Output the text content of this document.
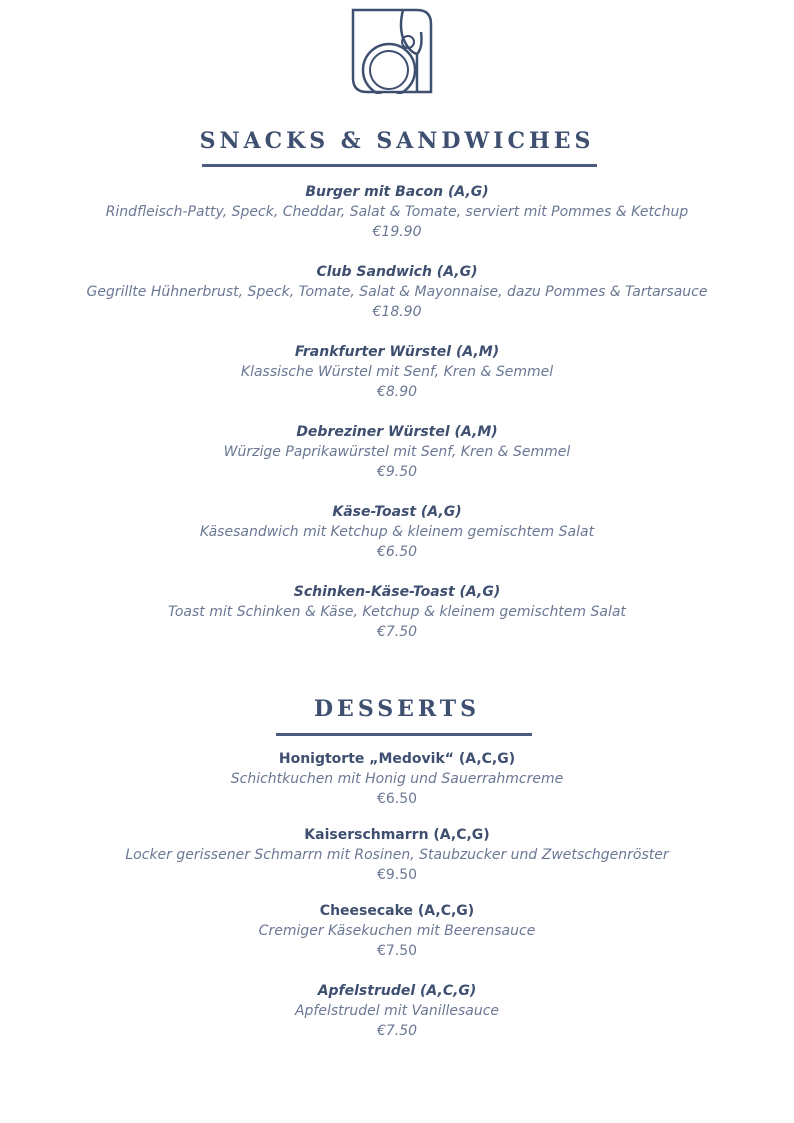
SNACKS & SANDWICHES
Burger mit Bacon (A,G)
Rindfleisch-Patty, Speck, Cheddar, Salat & Tomate, serviert mit Pommes & Ketchup
€19.90
Club Sandwich (A,G)
Gegrillte Hühnerbrust, Speck, Tomate, Salat & Mayonnaise, dazu Pommes & Tartarsauce
€18.90
Frankfurter Würstel (A,M)
Klassische Würstel mit Senf, Kren & Semmel
€8.90
Debreziner Würstel (A,M)
Würzige Paprikawürstel mit Senf, Kren & Semmel
€9.50
Käse-Toast (A,G)
Käsesandwich mit Ketchup & kleinem gemischtem Salat
€6.50
Schinken-Käse-Toast (A,G)
Toast mit Schinken & Käse, Ketchup & kleinem gemischtem Salat
€7.50
DESSERTS
Honigtorte „Medovik“ (A,C,G)
Schichtkuchen mit Honig und Sauerrahmcreme
€6.50
Kaiserschmarrn (A,C,G)
Locker gerissener Schmarrn mit Rosinen, Staubzucker und Zwetschgenröster
€9.50
Cheesecake (A,C,G)
Cremiger Käsekuchen mit Beerensauce
€7.50
Apfelstrudel (A,C,G)
Apfelstrudel mit Vanillesauce
€7.50
